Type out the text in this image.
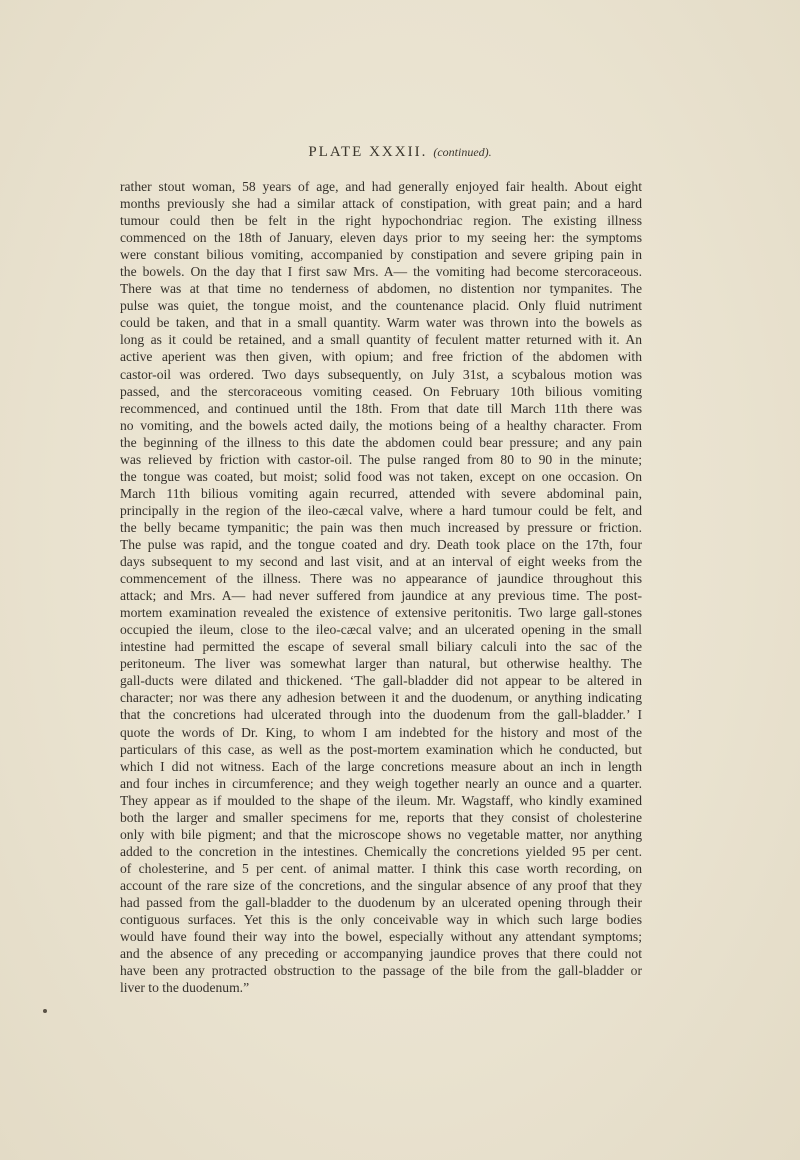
PLATE XXXII. (continued).
rather stout woman, 58 years of age, and had generally enjoyed fair health. About eight
months previously she had a similar attack of constipation, with great pain; and a hard
tumour could then be felt in the right hypochondriac region. The existing illness
commenced on the 18th of January, eleven days prior to my seeing her: the symptoms
were constant bilious vomiting, accompanied by constipation and severe griping pain in
the bowels. On the day that I first saw Mrs. A— the vomiting had become stercoraceous.
There was at that time no tenderness of abdomen, no distention nor tympanites. The
pulse was quiet, the tongue moist, and the countenance placid. Only fluid nutriment
could be taken, and that in a small quantity. Warm water was thrown into the bowels as
long as it could be retained, and a small quantity of feculent matter returned with it. An
active aperient was then given, with opium; and free friction of the abdomen with
castor-oil was ordered. Two days subsequently, on July 31st, a scybalous motion was
passed, and the stercoraceous vomiting ceased. On February 10th bilious vomiting
recommenced, and continued until the 18th. From that date till March 11th there was
no vomiting, and the bowels acted daily, the motions being of a healthy character. From
the beginning of the illness to this date the abdomen could bear pressure; and any pain
was relieved by friction with castor-oil. The pulse ranged from 80 to 90 in the minute;
the tongue was coated, but moist; solid food was not taken, except on one occasion. On
March 11th bilious vomiting again recurred, attended with severe abdominal pain,
principally in the region of the ileo-cæcal valve, where a hard tumour could be felt, and
the belly became tympanitic; the pain was then much increased by pressure or friction.
The pulse was rapid, and the tongue coated and dry. Death took place on the 17th, four
days subsequent to my second and last visit, and at an interval of eight weeks from the
commencement of the illness. There was no appearance of jaundice throughout this
attack; and Mrs. A— had never suffered from jaundice at any previous time. The post-
mortem examination revealed the existence of extensive peritonitis. Two large gall-stones
occupied the ileum, close to the ileo-cæcal valve; and an ulcerated opening in the small
intestine had permitted the escape of several small biliary calculi into the sac of the
peritoneum. The liver was somewhat larger than natural, but otherwise healthy. The
gall-ducts were dilated and thickened. ‘The gall-bladder did not appear to be altered in
character; nor was there any adhesion between it and the duodenum, or anything indicating
that the concretions had ulcerated through into the duodenum from the gall-bladder.’ I
quote the words of Dr. King, to whom I am indebted for the history and most of the
particulars of this case, as well as the post-mortem examination which he conducted, but
which I did not witness. Each of the large concretions measure about an inch in length
and four inches in circumference; and they weigh together nearly an ounce and a quarter.
They appear as if moulded to the shape of the ileum. Mr. Wagstaff, who kindly examined
both the larger and smaller specimens for me, reports that they consist of cholesterine
only with bile pigment; and that the microscope shows no vegetable matter, nor anything
added to the concretion in the intestines. Chemically the concretions yielded 95 per cent.
of cholesterine, and 5 per cent. of animal matter. I think this case worth recording, on
account of the rare size of the concretions, and the singular absence of any proof that they
had passed from the gall-bladder to the duodenum by an ulcerated opening through their
contiguous surfaces. Yet this is the only conceivable way in which such large bodies
would have found their way into the bowel, especially without any attendant symptoms;
and the absence of any preceding or accompanying jaundice proves that there could not
have been any protracted obstruction to the passage of the bile from the gall-bladder or
liver to the duodenum.”
